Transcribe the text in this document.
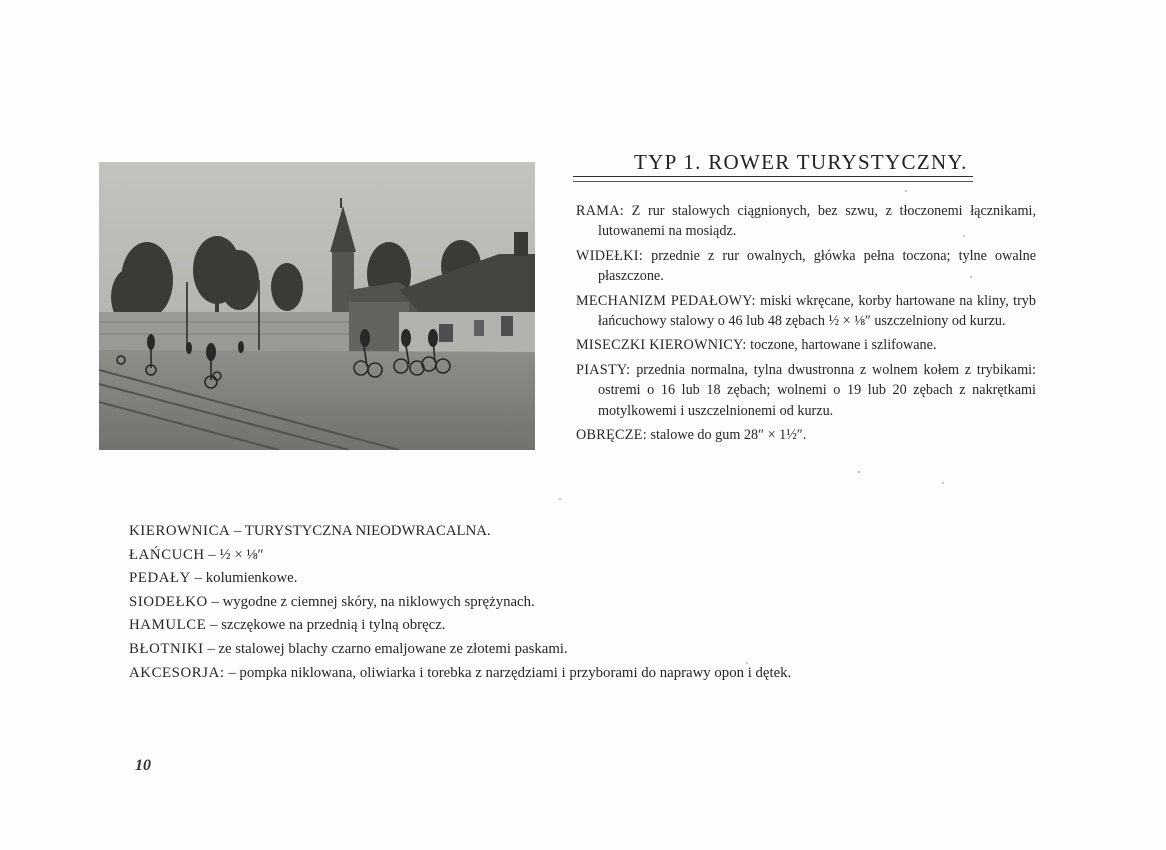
TYP 1. ROWER TURYSTYCZNY.

RAMA: Z rur stalowych ciągnionych, bez szwu, z tłoczonemi łącznikami, lutowanemi na mosiądz.

WIDEŁKI: przednie z rur owalnych, główka pełna toczona; tylne owalne płaszczone.

MECHANIZM PEDAŁOWY: miski wkręcane, korby hartowane na kliny, tryb łańcuchowy stalowy o 46 lub 48 zębach ½ × ⅛″ uszczelniony od kurzu.

MISECZKI KIEROWNICY: toczone, hartowane i szlifowane.

PIASTY: przednia normalna, tylna dwustronna z wolnem kołem z trybikami: ostremi o 16 lub 18 zębach; wolnemi o 19 lub 20 zębach z nakrętkami motylkowemi i uszczelnionemi od kurzu.

OBRĘCZE: stalowe do gum 28″ × 1½″.

KIEROWNICA – TURYSTYCZNA NIEODWRACALNA.
ŁAŃCUCH – ½ × ⅛″
PEDAŁY – kolumienkowe.
SIODEŁKO – wygodne z ciemnej skóry, na niklowych sprężynach.
HAMULCE – szczękowe na przednią i tylną obręcz.
BŁOTNIKI – ze stalowej blachy czarno emaljowane ze złotemi paskami.
AKCESORJA: – pompka niklowana, oliwiarka i torebka z narzędziami i przyborami do naprawy opon i dętek.
10
